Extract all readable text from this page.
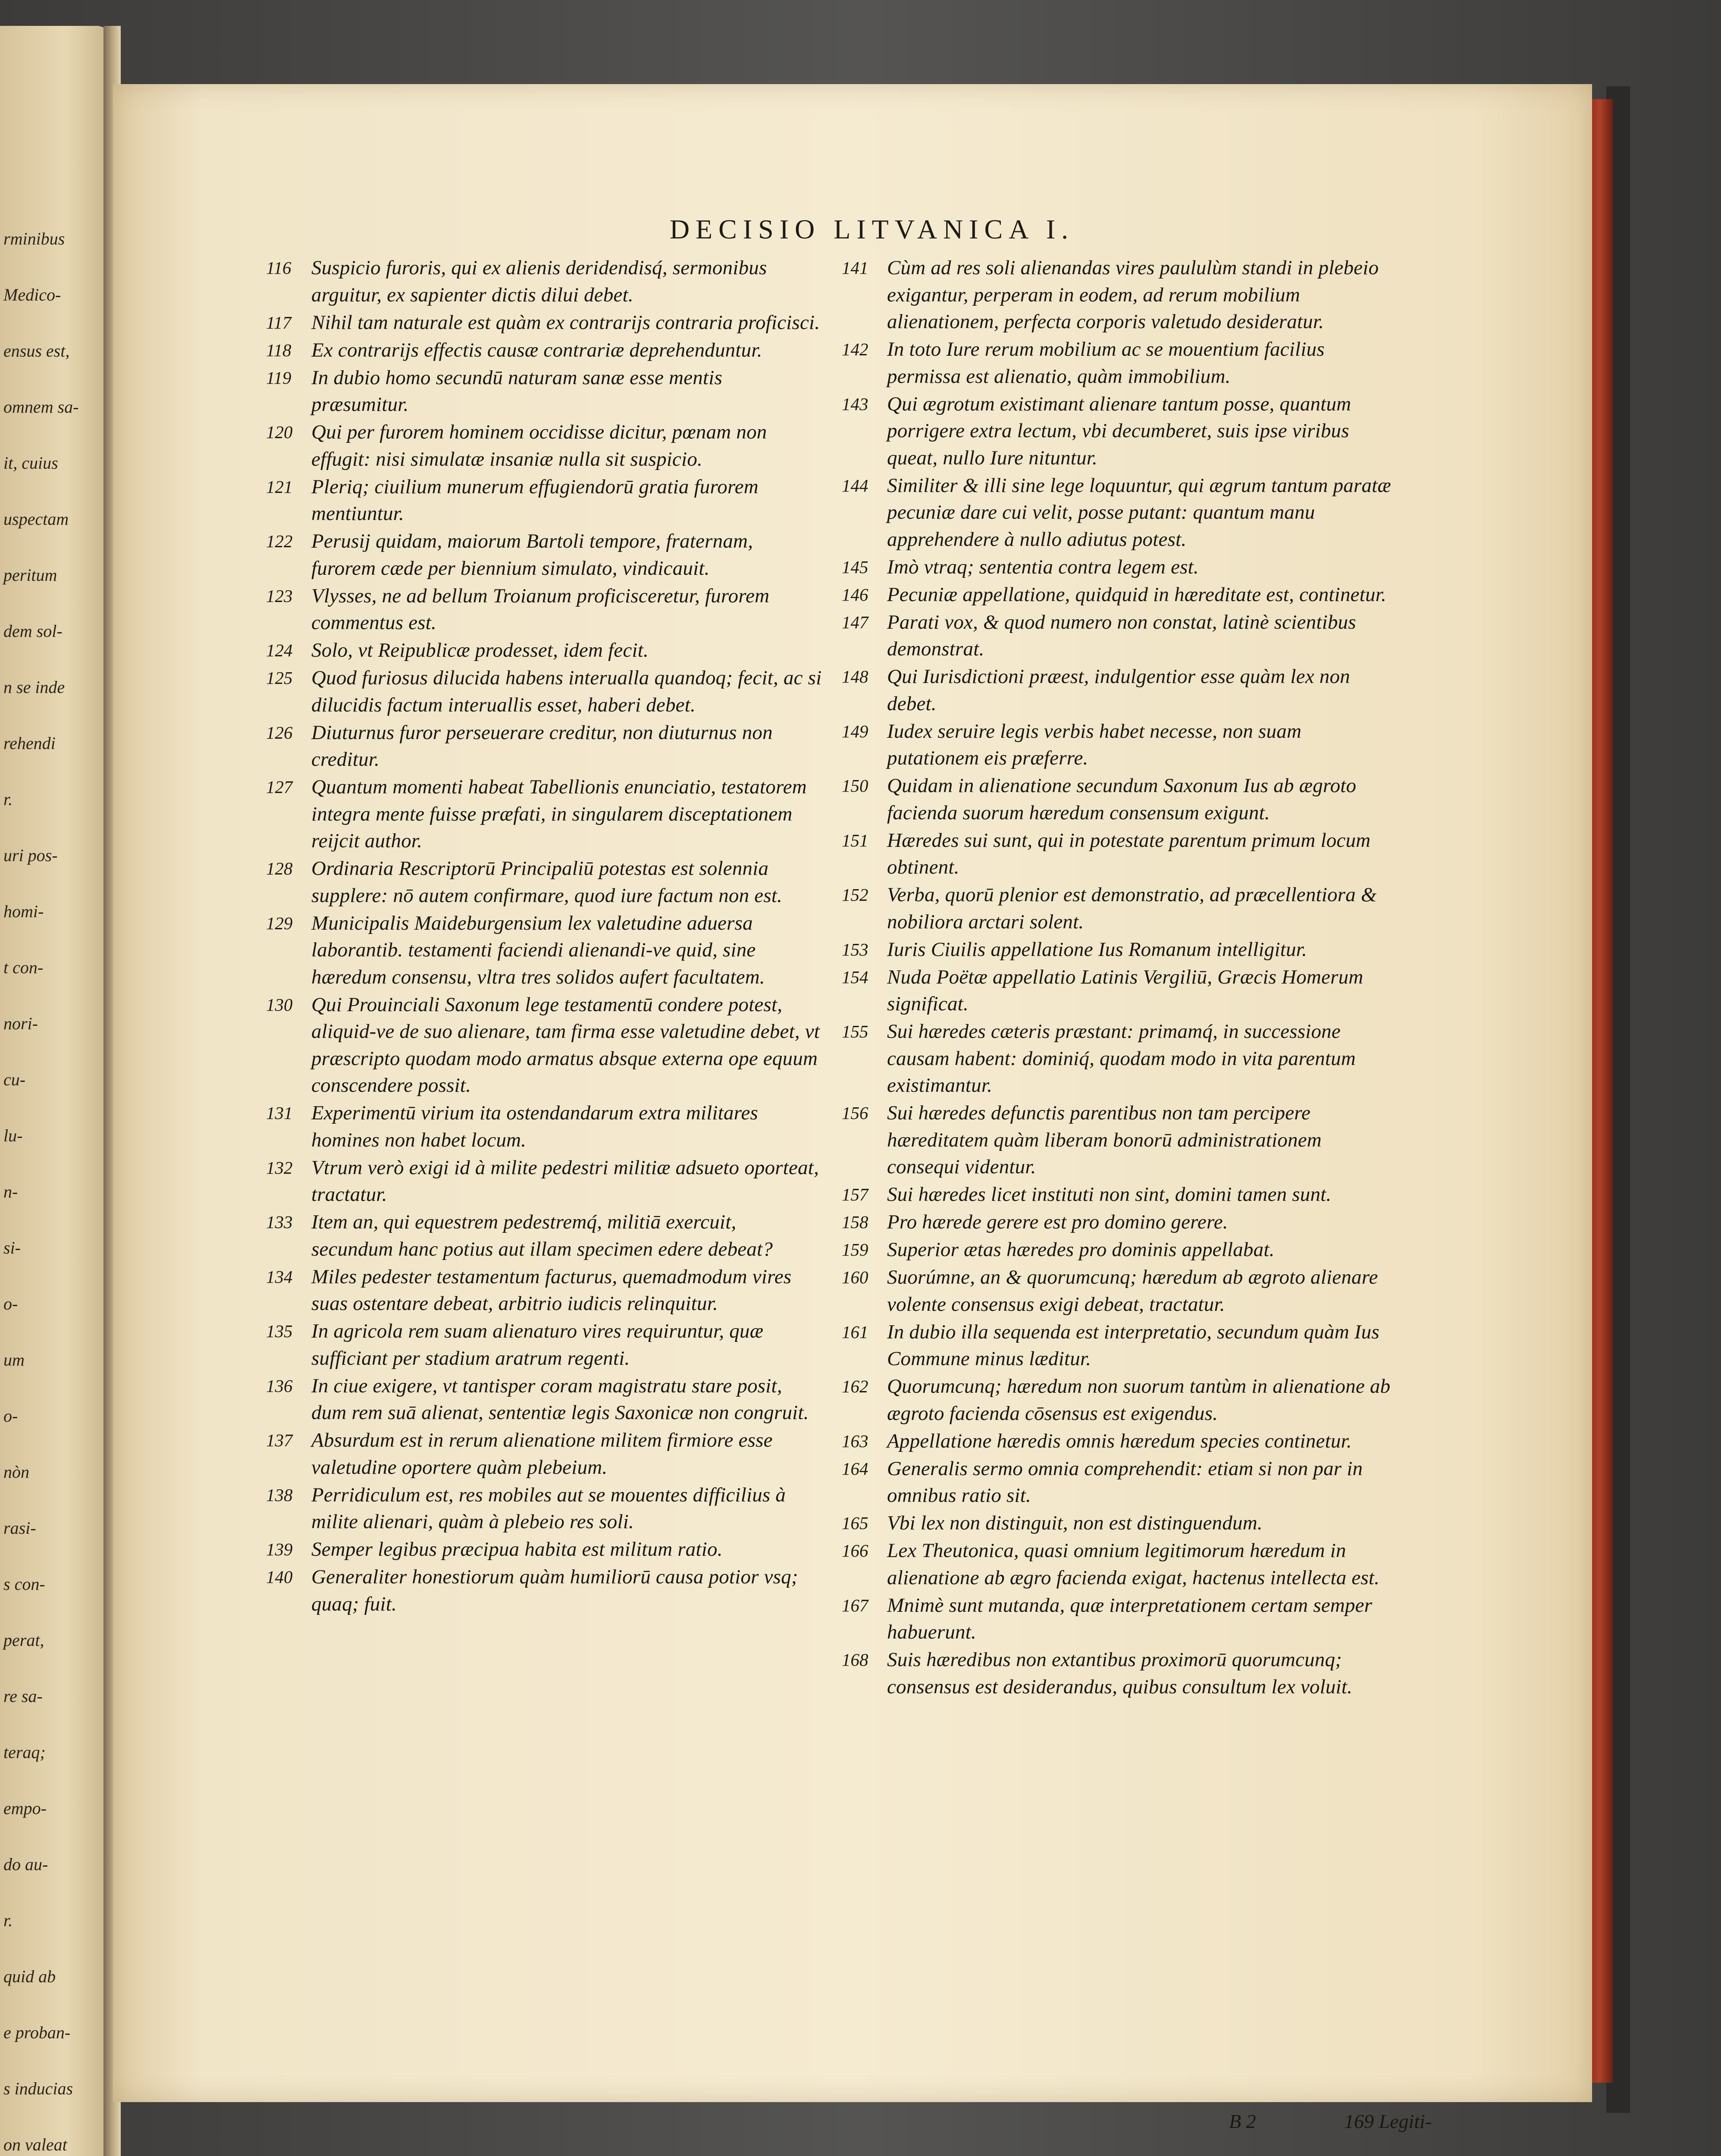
rminibus
Medico-
ensus est,
omnem sa-
it, cuius
uspectam
peritum
dem sol-
n se inde
rehendi
r.
uri pos-
homi-
t con-
nori-
cu-
lu-
n-
si-
o-
um
o-
nòn
rasi-
s con-
perat,
re sa-
teraq;
empo-
do au-
r.
quid ab
e proban-
s inducias
on valeat
DECISIO LITVANICA I.
116 Suspicio furoris, qui ex alienis deridendisq́, sermonibus arguitur, ex sapienter dictis dilui debet.
117 Nihil tam naturale est quàm ex contrarijs contraria proficisci.
118 Ex contrarijs effectis causæ contrariæ deprehenduntur.
119 In dubio homo secundū naturam sanæ esse mentis præsumitur.
120 Qui per furorem hominem occidisse dicitur, pœnam non effugit: nisi simulatæ insaniæ nulla sit suspicio.
121 Pleriq; ciuilium munerum effugiendorū gratia furorem mentiuntur.
122 Perusij quidam, maiorum Bartoli tempore, fraternam, furorem cæde per biennium simulato, vindicauit.
123 Vlysses, ne ad bellum Troianum proficisceretur, furorem commentus est.
124 Solo, vt Reipublicæ prodesset, idem fecit.
125 Quod furiosus dilucida habens interualla quandoq; fecit, ac si dilucidis factum interuallis esset, haberi debet.
126 Diuturnus furor perseuerare creditur, non diuturnus non creditur.
127 Quantum momenti habeat Tabellionis enunciatio, testatorem integra mente fuisse præfati, in singularem disceptationem reijcit author.
128 Ordinaria Rescriptorū Principaliū potestas est solennia supplere: nō autem confirmare, quod iure factum non est.
129 Municipalis Maideburgensium lex valetudine aduersa laborantib. testamenti faciendi alienandi-ve quid, sine hæredum consensu, vltra tres solidos aufert facultatem.
130 Qui Prouinciali Saxonum lege testamentū condere potest, aliquid-ve de suo alienare, tam firma esse valetudine debet, vt præscripto quodam modo armatus absque externa ope equum conscendere possit.
131 Experimentū virium ita ostendandarum extra militares homines non habet locum.
132 Vtrum verò exigi id à milite pedestri militiæ adsueto oporteat, tractatur.
133 Item an, qui equestrem pedestremq́, militiā exercuit, secundum hanc potius aut illam specimen edere debeat?
134 Miles pedester testamentum facturus, quemadmodum vires suas ostentare debeat, arbitrio iudicis relinquitur.
135 In agricola rem suam alienaturo vires requiruntur, quæ sufficiant per stadium aratrum regenti.
136 In ciue exigere, vt tantisper coram magistratu stare posit, dum rem suā alienat, sententiæ legis Saxonicæ non congruit.
137 Absurdum est in rerum alienatione militem firmiore esse valetudine oportere quàm plebeium.
138 Perridiculum est, res mobiles aut se mouentes difficilius à milite alienari, quàm à plebeio res soli.
139 Semper legibus præcipua habita est militum ratio.
140 Generaliter honestiorum quàm humiliorū causa potior vsq; quaq; fuit.
141 Cùm ad res soli alienandas vires paululùm standi in plebeio exigantur, perperam in eodem, ad rerum mobilium alienationem, perfecta corporis valetudo desideratur.
142 In toto Iure rerum mobilium ac se mouentium facilius permissa est alienatio, quàm immobilium.
143 Qui ægrotum existimant alienare tantum posse, quantum porrigere extra lectum, vbi decumberet, suis ipse viribus queat, nullo Iure nituntur.
144 Similiter & illi sine lege loquuntur, qui ægrum tantum paratæ pecuniæ dare cui velit, posse putant: quantum manu apprehendere à nullo adiutus potest.
145 Imò vtraq; sententia contra legem est.
146 Pecuniæ appellatione, quidquid in hæreditate est, continetur.
147 Parati vox, & quod numero non constat, latinè scientibus demonstrat.
148 Qui Iurisdictioni præest, indulgentior esse quàm lex non debet.
149 Iudex seruire legis verbis habet necesse, non suam putationem eis præferre.
150 Quidam in alienatione secundum Saxonum Ius ab ægroto facienda suorum hæredum consensum exigunt.
151 Hæredes sui sunt, qui in potestate parentum primum locum obtinent.
152 Verba, quorū plenior est demonstratio, ad præcellentiora & nobiliora arctari solent.
153 Iuris Ciuilis appellatione Ius Romanum intelligitur.
154 Nuda Poëtæ appellatio Latinis Vergiliū, Græcis Homerum significat.
155 Sui hæredes cæteris præstant: primamq́, in successione causam habent: dominiq́, quodam modo in vita parentum existimantur.
156 Sui hæredes defunctis parentibus non tam percipere hæreditatem quàm liberam bonorū administrationem consequi videntur.
157 Sui hæredes licet instituti non sint, domini tamen sunt.
158 Pro hærede gerere est pro domino gerere.
159 Superior ætas hæredes pro dominis appellabat.
160 Suorúmne, an & quorumcunq; hæredum ab ægroto alienare volente consensus exigi debeat, tractatur.
161 In dubio illa sequenda est interpretatio, secundum quàm Ius Commune minus læditur.
162 Quorumcunq; hæredum non suorum tantùm in alienatione ab ægroto facienda cōsensus est exigendus.
163 Appellatione hæredis omnis hæredum species continetur.
164 Generalis sermo omnia comprehendit: etiam si non par in omnibus ratio sit.
165 Vbi lex non distinguit, non est distinguendum.
166 Lex Theutonica, quasi omnium legitimorum hæredum in alienatione ab ægro facienda exigat, hactenus intellecta est.
167 Mnimè sunt mutanda, quæ interpretationem certam semper habuerunt.
168 Suis hæredibus non extantibus proximorū quorumcunq; consensus est desiderandus, quibus consultum lex voluit.
B 2	169 Legiti-
